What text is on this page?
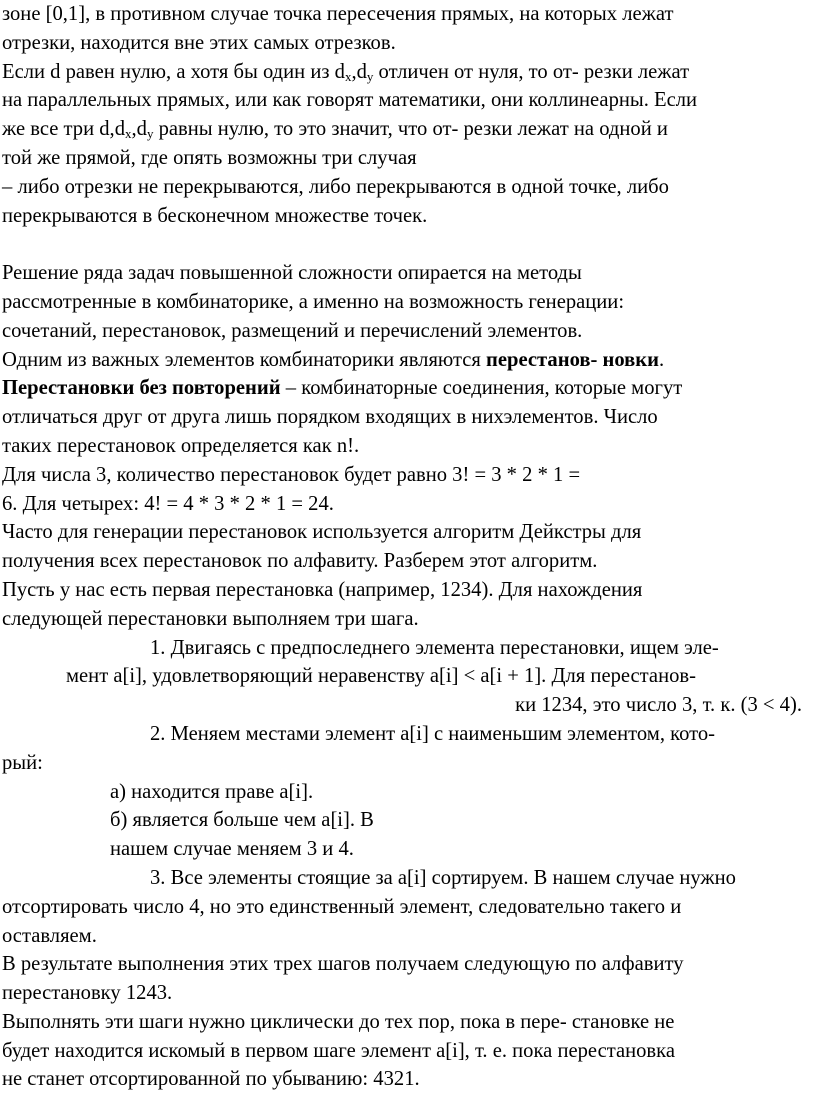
зоне [0,1], в противном случае точка пересечения прямых, на которых лежат
отрезки, находится вне этих самых отрезков.
Если d равен нулю, а хотя бы один из $d_x,d_y$ отличен от нуля, то от- резки лежат
на параллельных прямых, или как говорят математики, они коллинеарны. Если
же все три $d,d_x,d_y$ равны нулю, то это значит, что от- резки лежат на одной и
той же прямой, где опять возможны три случая
– либо отрезки не перекрываются, либо перекрываются в одной точке, либо
перекрываются в бесконечном множестве точек.
Решение ряда задач повышенной сложности опирается на методы
рассмотренные в комбинаторике, а именно на возможность генерации:
сочетаний, перестановок, размещений и перечислений элементов.
Одним из важных элементов комбинаторики являются перестанов- новки.
Перестановки без повторений – комбинаторные соединения, которые могут
отличаться друг от друга лишь порядком входящих в нихэлементов. Число
таких перестановок определяется как n!.
Для числа 3, количество перестановок будет равно 3! = 3 * 2 * 1 =
6. Для четырех: 4! = 4 * 3 * 2 * 1 = 24.
Часто для генерации перестановок используется алгоритм Дейкстры для
получения всех перестановок по алфавиту. Разберем этот алгоритм.
Пусть у нас есть первая перестановка (например, 1234). Для нахождения
следующей перестановки выполняем три шага.
1. Двигаясь с предпоследнего элемента перестановки, ищем эле-
мент a[i], удовлетворяющий неравенству a[i] < a[i + 1]. Для перестанов-
ки 1234, это число 3, т. к. (3 < 4).
2. Меняем местами элемент a[i] с наименьшим элементом, кото-
рый:
а) находится праве a[i].
б) является больше чем a[i]. В
нашем случае меняем 3 и 4.
3. Все элементы стоящие за a[i] сортируем. В нашем случае нужно
отсортировать число 4, но это единственный элемент, следовательно такего и
оставляем.
В результате выполнения этих трех шагов получаем следующую по алфавиту
перестановку 1243.
Выполнять эти шаги нужно циклически до тех пор, пока в пере- становке не
будет находится искомый в первом шаге элемент a[i], т. е. пока перестановка
не станет отсортированной по убыванию: 4321.
